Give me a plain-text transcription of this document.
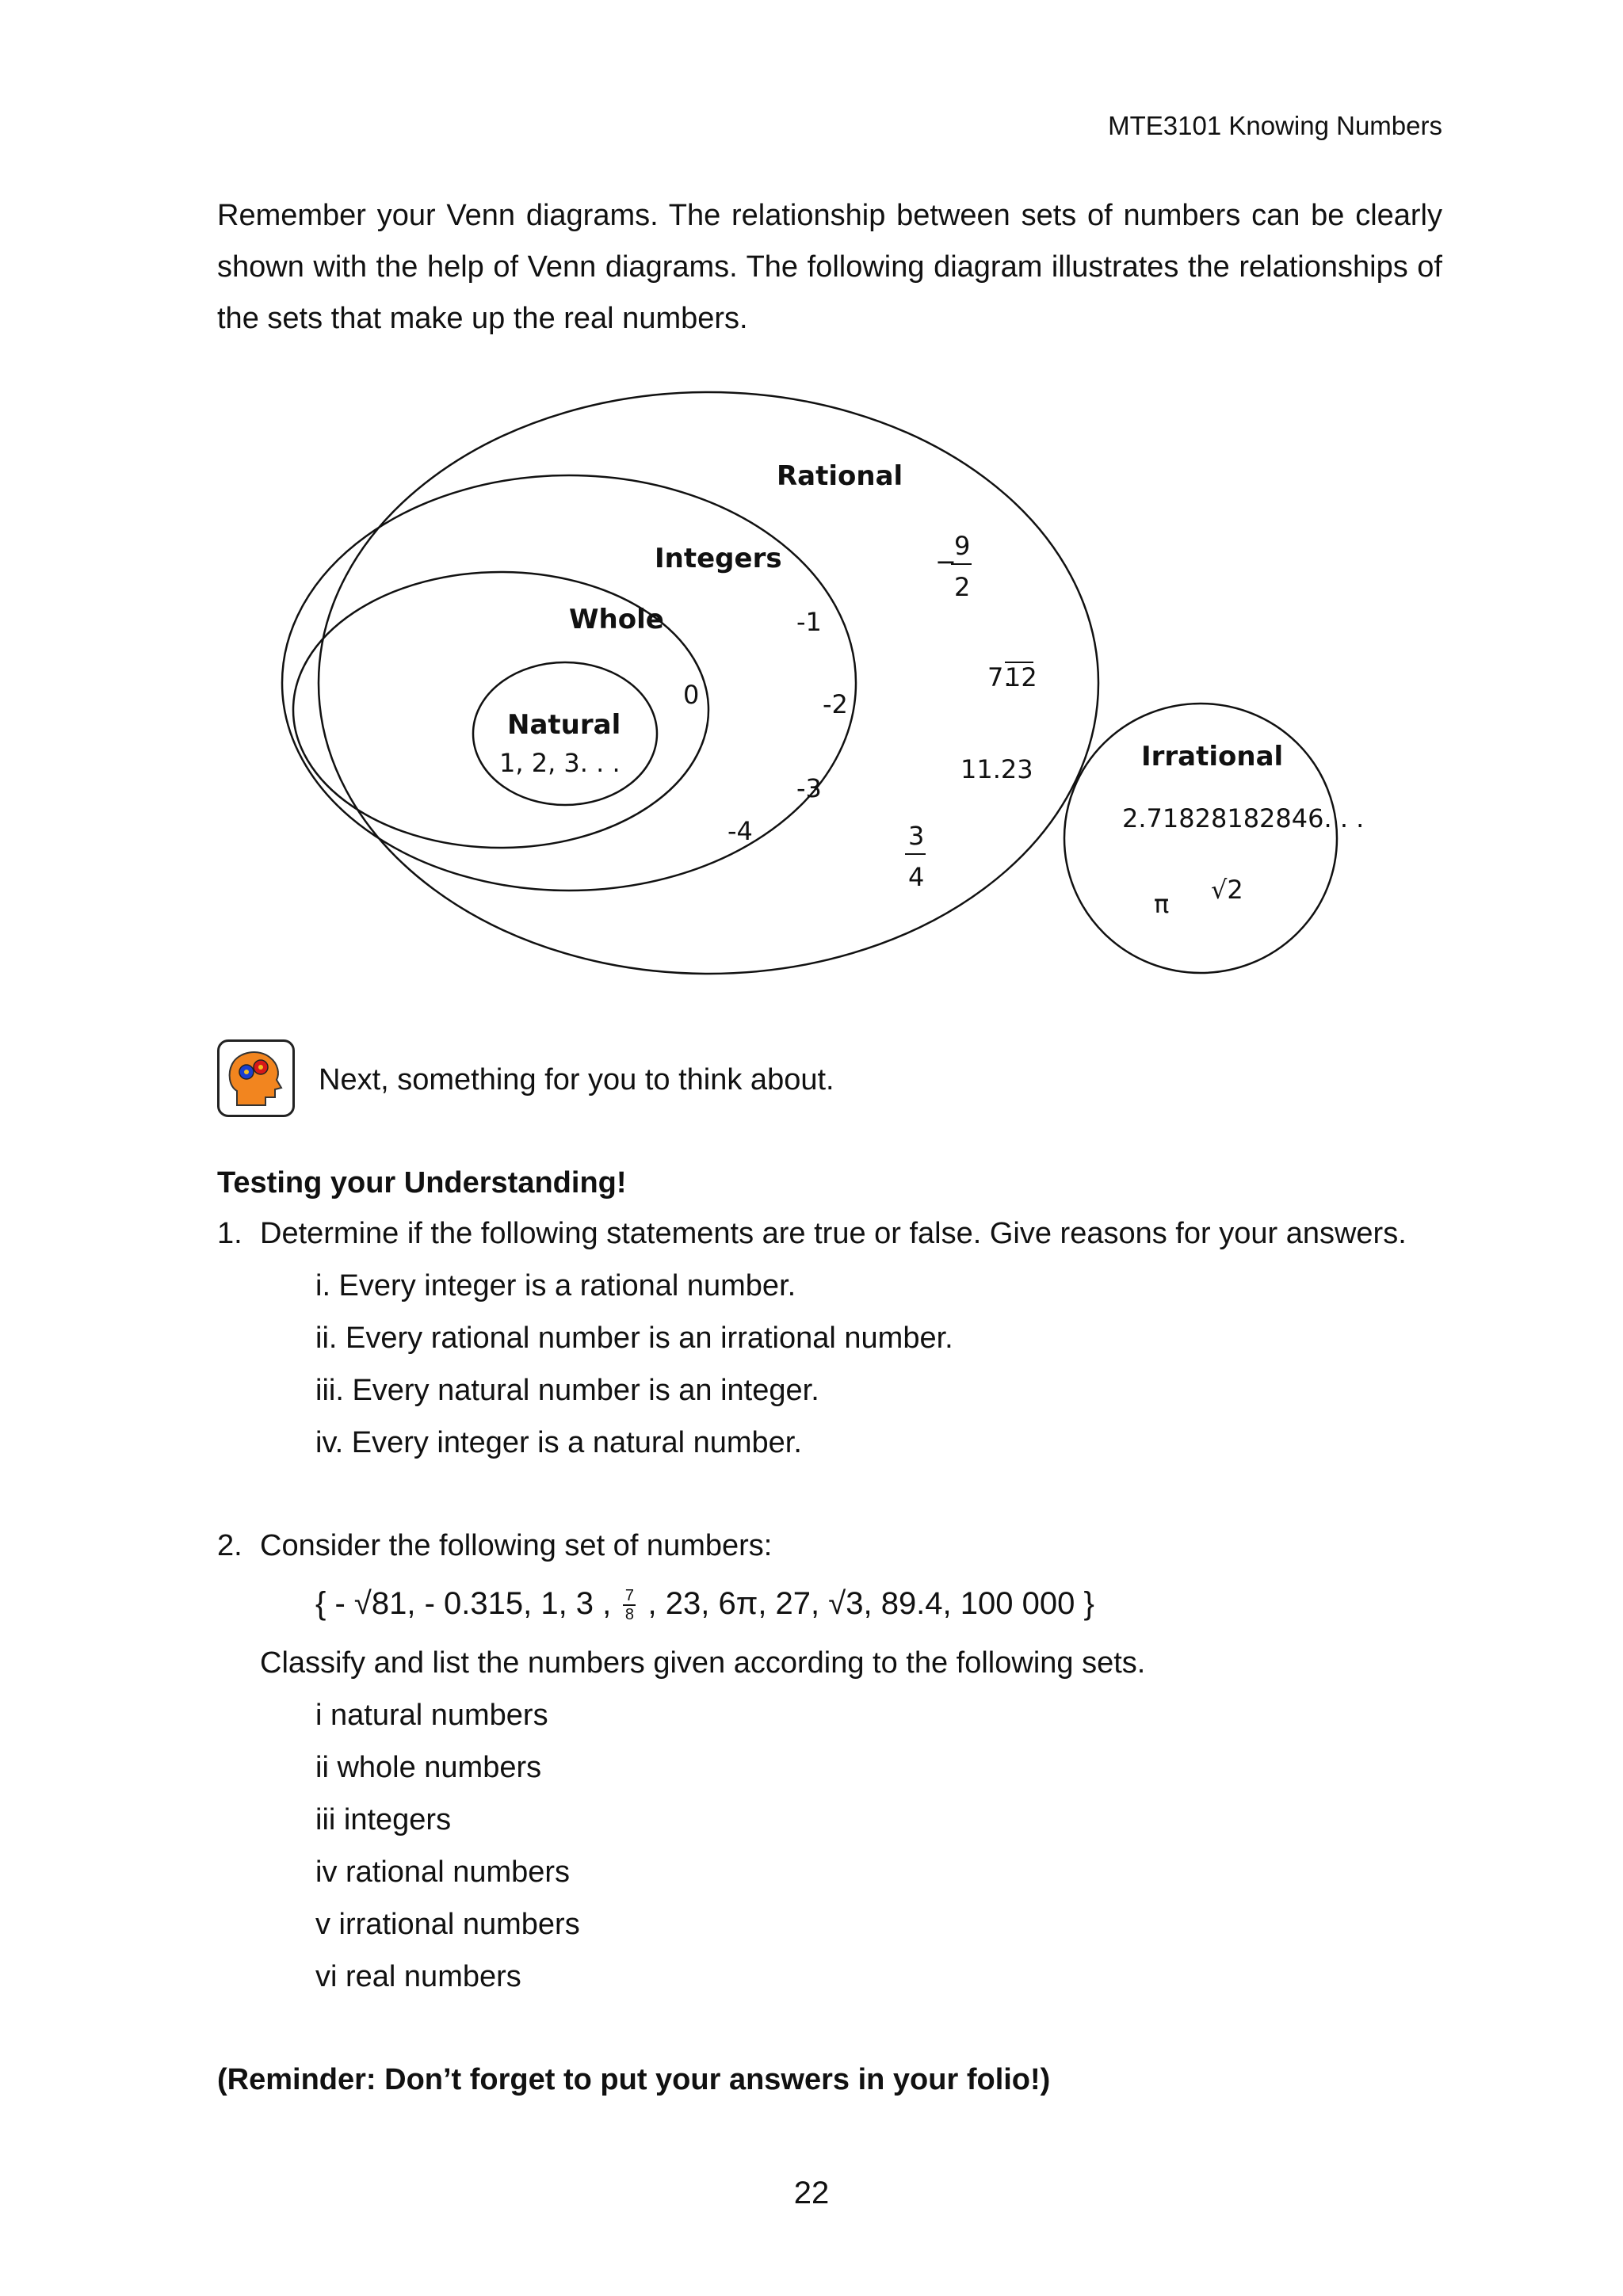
MTE3101 Knowing Numbers

Remember your Venn diagrams. The relationship between sets of numbers can be clearly shown with the help of Venn diagrams. The following diagram illustrates the relationships of the sets that make up the real numbers.

Rational
Integers
Whole
Natural
1, 2, 3. . .
0
-1
-2
-3
-4
−
9
2
7.
12
11.23
3
4
Irrational
2.71828182846. . .
π √2
Next, something for you to think about.
Testing your Understanding!
1. Determine if the following statements are true or false. Give reasons for your answers.
i. Every integer is a rational number.
ii. Every rational number is an irrational number.
iii. Every natural number is an integer.
iv. Every integer is a natural number.
2. Consider the following set of numbers:
{ - √81, - 0.315, 1, 3 , $\frac{7}{8}$ , 23, 6π, 27, √3, 89.4, 100 000 }
Classify and list the numbers given according to the following sets.
i natural numbers
ii whole numbers
iii integers
iv rational numbers
v irrational numbers
vi real numbers
(Reminder: Don’t forget to put your answers in your folio!)
22
